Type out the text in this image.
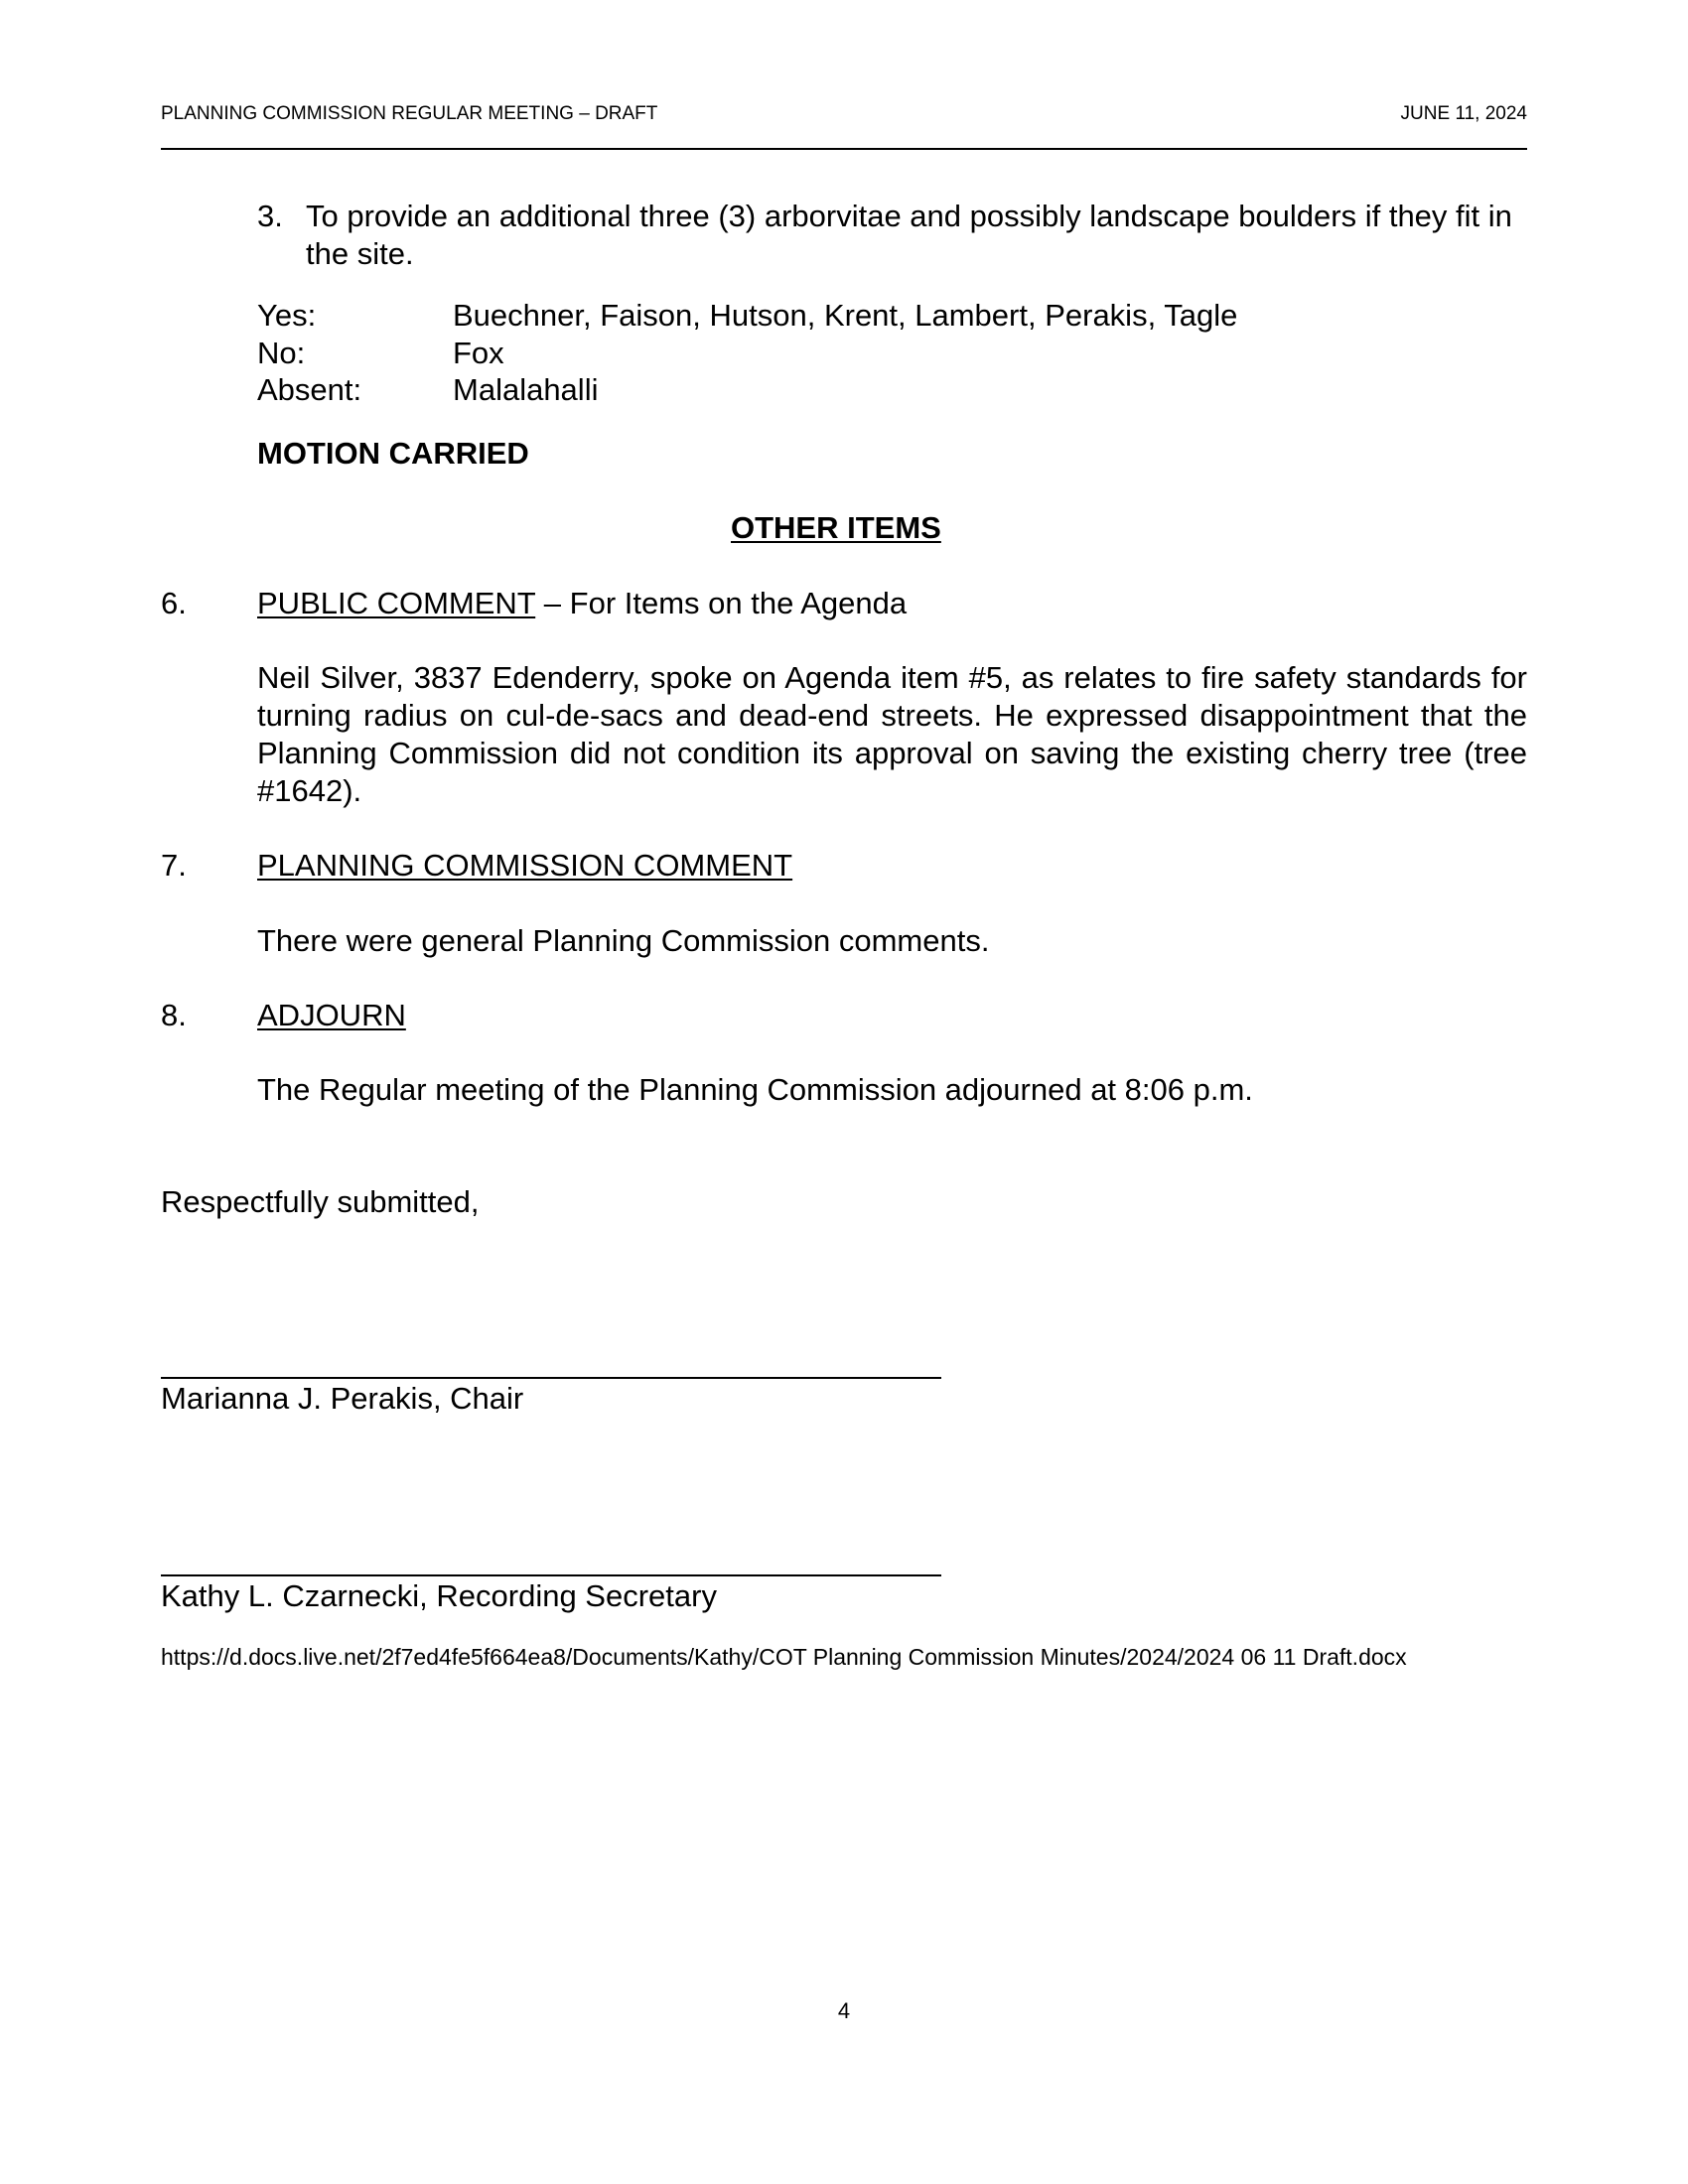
PLANNING COMMISSION REGULAR MEETING – DRAFT	JUNE 11, 2024
3. To provide an additional three (3) arborvitae and possibly landscape boulders if they fit in the site.
Yes:	Buechner, Faison, Hutson, Krent, Lambert, Perakis, Tagle
No:	Fox
Absent:	Malalahalli
MOTION CARRIED
OTHER ITEMS
6. PUBLIC COMMENT – For Items on the Agenda
Neil Silver, 3837 Edenderry, spoke on Agenda item #5, as relates to fire safety standards for turning radius on cul-de-sacs and dead-end streets. He expressed disappointment that the Planning Commission did not condition its approval on saving the existing cherry tree (tree #1642).
7. PLANNING COMMISSION COMMENT
There were general Planning Commission comments.
8. ADJOURN
The Regular meeting of the Planning Commission adjourned at 8:06 p.m.
Respectfully submitted,
Marianna J. Perakis, Chair
Kathy L. Czarnecki, Recording Secretary
https://d.docs.live.net/2f7ed4fe5f664ea8/Documents/Kathy/COT Planning Commission Minutes/2024/2024 06 11 Draft.docx
4
